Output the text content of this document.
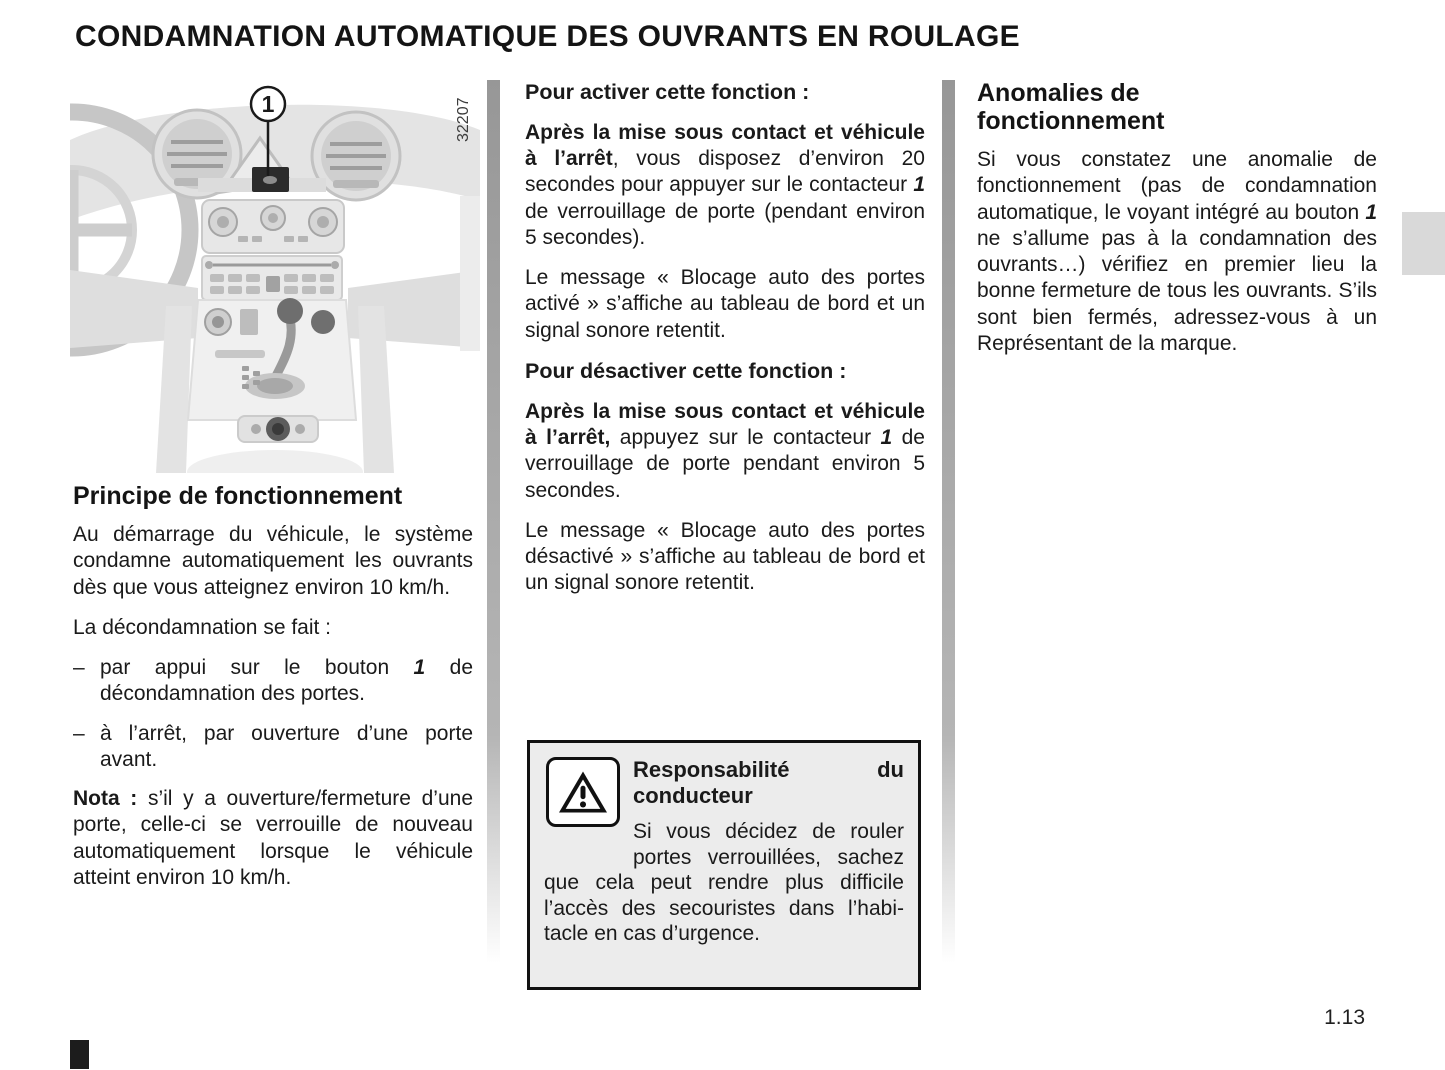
CONDAMNATION AUTOMATIQUE DES OUVRANTS EN ROULAGE
1	32207
Principe de fonctionnement

Au démarrage du véhicule, le système condamne automatiquement les ouvrants dès que vous atteignez environ 10 km/h.

La décondamnation se fait :

– par appui sur le bouton 1 de décondamnation des portes.
– à l’arrêt, par ouverture d’une porte avant.

Nota : s’il y a ouverture/fermeture d’une porte, celle-ci se verrouille de nouveau automatiquement lorsque le véhicule atteint environ 10 km/h.

Pour activer cette fonction :

Après la mise sous contact et véhicule à l’arrêt, vous disposez d’environ 20 secondes pour appuyer sur le contacteur 1 de verrouillage de porte (pendant environ 5 secondes).

Le message « Blocage auto des portes activé » s’affiche au tableau de bord et un signal sonore retentit.

Pour désactiver cette fonction :

Après la mise sous contact et véhicule à l’arrêt, appuyez sur le contacteur 1 de verrouillage de porte pendant environ 5 secondes.

Le message « Blocage auto des portes désactivé » s’affiche au tableau de bord et un signal sonore retentit.

Anomalies de fonctionnement

Si vous constatez une anomalie de fonctionnement (pas de condamnation automatique, le voyant intégré au bouton 1 ne s’allume pas à la condamnation des ouvrants…) vérifiez en premier lieu la bonne fermeture de tous les ouvrants. S’ils sont bien fermés, adressez-vous à un Représentant de la marque.

Responsabilité du conducteur

Si vous décidez de rouler portes verrouillées, sachez que cela peut rendre plus difficile l’accès des secouristes dans l’habitacle en cas d’urgence.

1.13
